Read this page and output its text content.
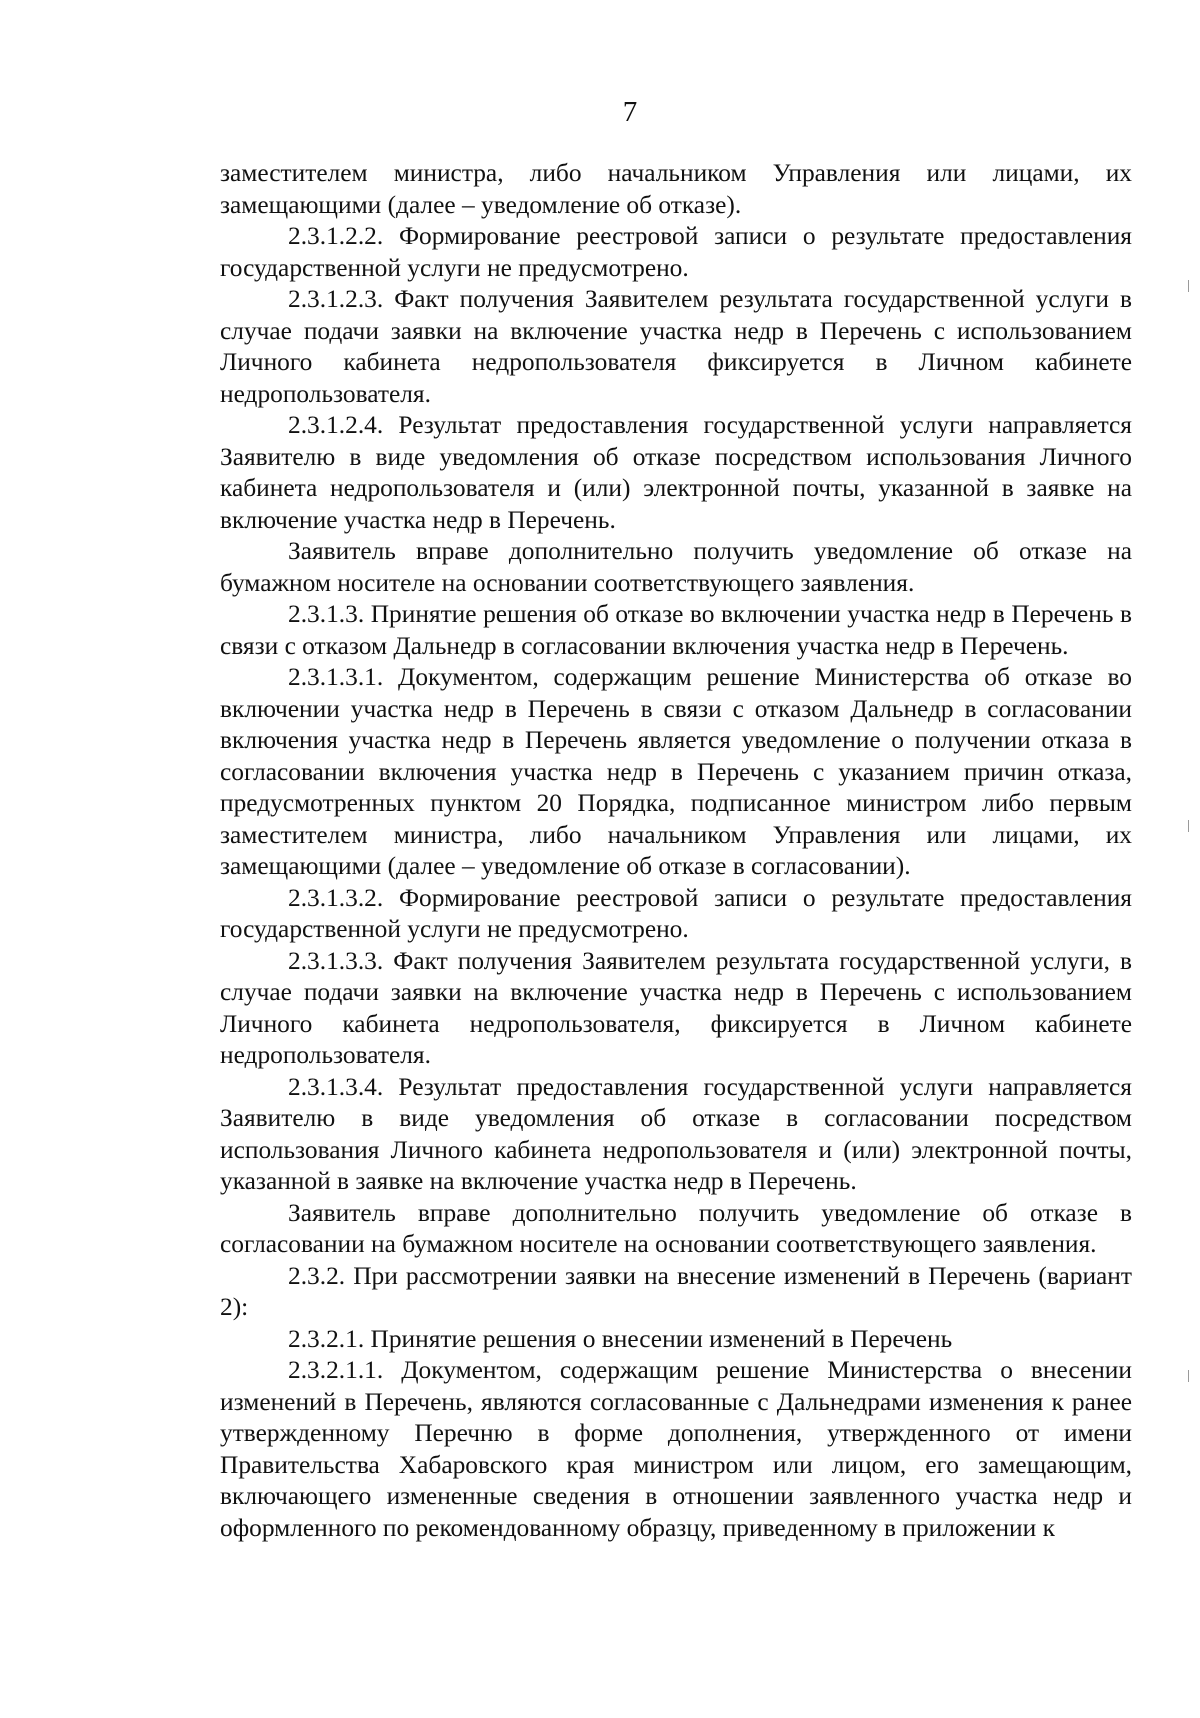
7

заместителем министра, либо начальником Управления или лицами, их замещающими (далее – уведомление об отказе).

2.3.1.2.2. Формирование реестровой записи о результате предоставления государственной услуги не предусмотрено.

2.3.1.2.3. Факт получения Заявителем результата государственной услуги в случае подачи заявки на включение участка недр в Перечень с использованием Личного кабинета недропользователя фиксируется в Личном кабинете недропользователя.

2.3.1.2.4. Результат предоставления государственной услуги направляется Заявителю в виде уведомления об отказе посредством использования Личного кабинета недропользователя и (или) электронной почты, указанной в заявке на включение участка недр в Перечень.

Заявитель вправе дополнительно получить уведомление об отказе на бумажном носителе на основании соответствующего заявления.

2.3.1.3. Принятие решения об отказе во включении участка недр в Перечень в связи с отказом Дальнедр в согласовании включения участка недр в Перечень.

2.3.1.3.1. Документом, содержащим решение Министерства об отказе во включении участка недр в Перечень в связи с отказом Дальнедр в согласовании включения участка недр в Перечень является уведомление о получении отказа в согласовании включения участка недр в Перечень с указанием причин отказа, предусмотренных пунктом 20 Порядка, подписанное министром либо первым заместителем министра, либо начальником Управления или лицами, их замещающими (далее – уведомление об отказе в согласовании).

2.3.1.3.2. Формирование реестровой записи о результате предоставления государственной услуги не предусмотрено.

2.3.1.3.3. Факт получения Заявителем результата государственной услуги, в случае подачи заявки на включение участка недр в Перечень с использованием Личного кабинета недропользователя, фиксируется в Личном кабинете недропользователя.

2.3.1.3.4. Результат предоставления государственной услуги направляется Заявителю в виде уведомления об отказе в согласовании посредством использования Личного кабинета недропользователя и (или) электронной почты, указанной в заявке на включение участка недр в Перечень.

Заявитель вправе дополнительно получить уведомление об отказе в согласовании на бумажном носителе на основании соответствующего заявления.

2.3.2. При рассмотрении заявки на внесение изменений в Перечень (вариант 2):

2.3.2.1. Принятие решения о внесении изменений в Перечень

2.3.2.1.1. Документом, содержащим решение Министерства о внесении изменений в Перечень, являются согласованные с Дальнедрами изменения к ранее утвержденному Перечню в форме дополнения, утвержденного от имени Правительства Хабаровского края министром или лицом, его замещающим, включающего измененные сведения в отношении заявленного участка недр и оформленного по рекомендованному образцу, приведенному в приложении к
